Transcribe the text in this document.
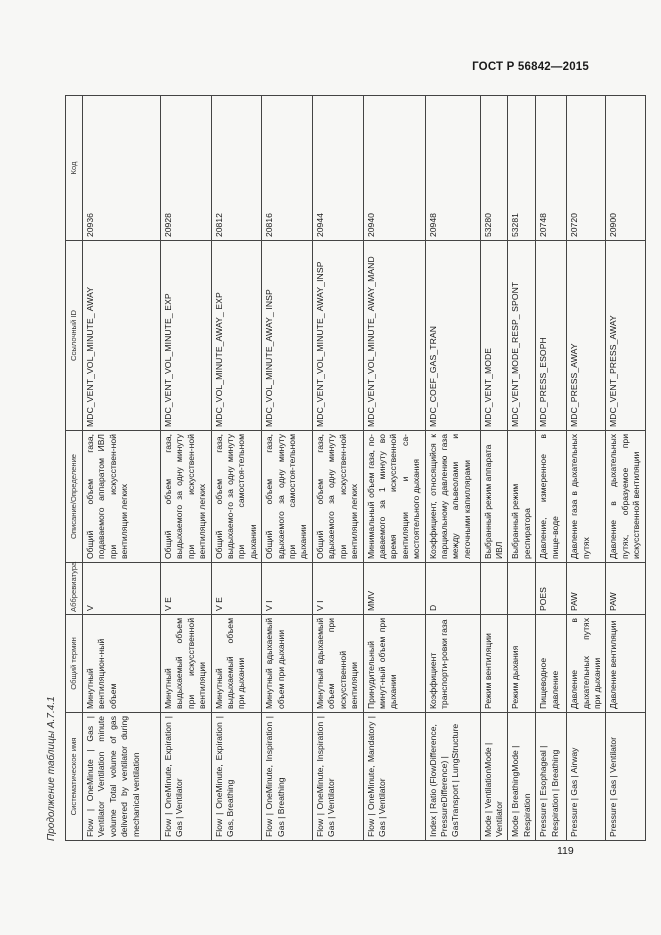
ГОСТ Р 56842—2015
Продолжение таблицы А.7.4.1	Систематическое имя	Общий термин	Аббревиатура	Описание/Определение	Ссылочный ID	Код
Flow | OneMinute | Gas | Ventilator Ventilation minute volume Total volume of gas delivered by ventilator during mechanical ventilation	Минутный вентиляцион-ный объем	V	Общий объем газа, подаваемого аппаратом ИВЛ при искусствен-ной вентиляции легких	MDC_VENT_VOL_MINUTE_ AWAY	20936
Flow | OneMinute, Expiration | Gas | Ventilator	Минутный выдыхаемый объем при искусственной вентиляции	V E	Общий объем газа, выдыхаемого за одну минуту при искусствен-ной вентиляции легких	MDC_VENT_VOL_MINUTE_ EXP	20928
Flow | OneMinute, Expiration | Gas, Breathing	Минутный выдыхаемый объем при дыхании	V E	Общий объем газа, выдыхаемо-го за одну минуту при самостоя-тельном дыхании	MDC_VOL_MINUTE_AWAY_ EXP	20812
Flow | OneMinute, Inspiration | Gas | Breathing	Минутный вдыхаемый объем при дыхании	V I	Общий объем газа, вдыхаемого за одну минуту при самостоя-тельном дыхании	MDC_VOL_MINUTE_AWAY_ INSP	20816
Flow | OneMinute, Inspiration | Gas | Ventilator	Минутный вдыхаемый объем при искусственной вентиляции	V I	Общий объем газа, вдыхаемого за одну минуту при искусствен-ной вентиляции легких	MDC_VENT_VOL_MINUTE_ AWAY_INSP	20944
Flow | OneMinute, Mandatory | Gas | Ventilator	Принудительный минут-ный объем при дыхании	MMV	Минимальный объем газа, по-даваемого за 1 минуту во время искусственной вентиляции и са-мостоятельного дыхания	MDC_VENT_VOL_MINUTE_ AWAY_MAND	20940
Index | Ratio (FlowDifference, PressureDifference) | GasTransport | LungStructure	Коэффициент транспорти-ровки газа	D	Коэффициент, относящийся к парциальному давлению газа между альвеолами и легочными капиллярами	MDC_COEF_GAS_TRAN	20948
Mode | VentilationMode | Ventilator	Режим вентиляции		Выбранный режим аппарата ИВЛ	MDC_VENT_MODE	53280
Mode | BreathingMode | Respiration	Режим дыхания		Выбранный режим респиратора	MDC_VENT_MODE_RESP_ SPONT	53281
Pressure | Esophageal | Respiration | Breathing	Пищеводное давление	POES	Давление, измеренное в пище-воде	MDC_PRESS_ESOPH	20748
Pressure | Gas | Airway	Давление в дыхательных путях при дыхании	PAW	Давление газа в дыхательных путях	MDC_PRESS_AWAY	20720
Pressure | Gas | Ventilator	Давление вентиляции	PAW	Давление в дыхательных путях, образуемое при искусственной вентиляции	MDC_VENT_PRESS_AWAY	20900
119
